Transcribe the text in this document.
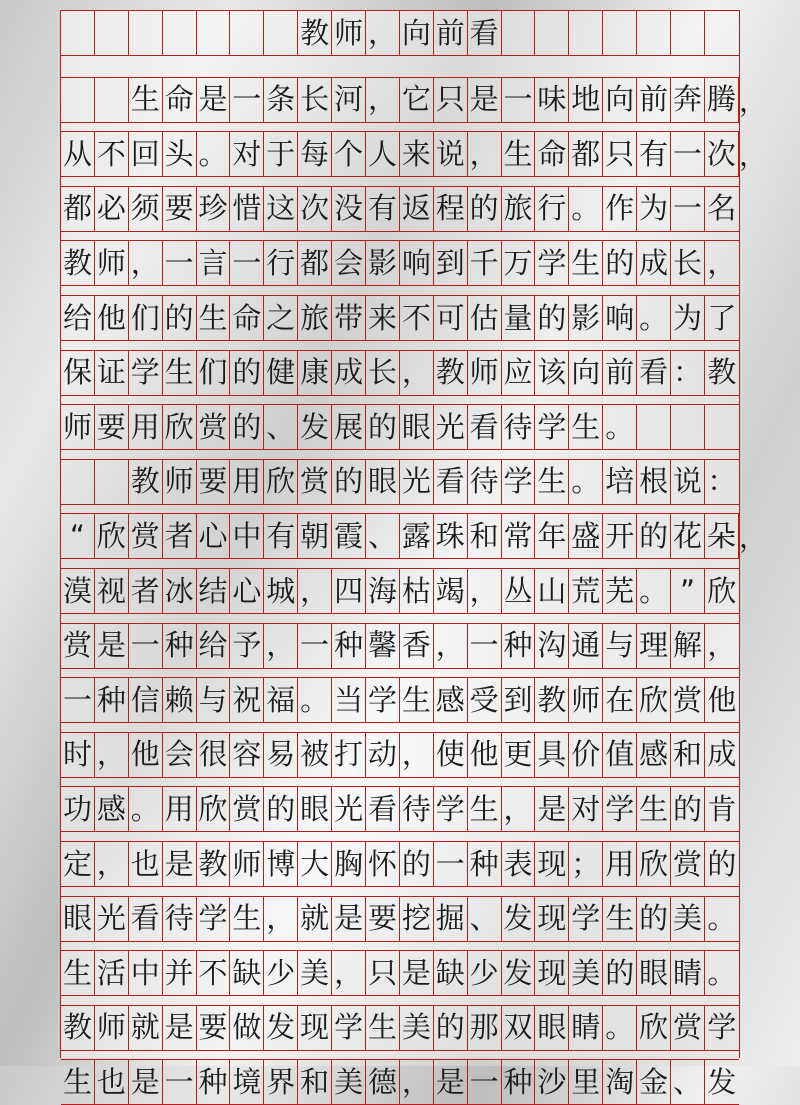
教 师 ， 向 前 看
生 命 是 一 条 长 河 ， 它 只 是 一 味 地 向 前 奔 腾 ，
从 不 回 头 。 对 于 每 个 人 来 说 ， 生 命 都 只 有 一 次 ，
都 必 须 要 珍 惜 这 次 没 有 返 程 的 旅 行 。 作 为 一 名
教 师 ， 一 言 一 行 都 会 影 响 到 千 万 学 生 的 成 长 ，
给 他 们 的 生 命 之 旅 带 来 不 可 估 量 的 影 响 。 为 了
保 证 学 生 们 的 健 康 成 长 ， 教 师 应 该 向 前 看 ： 教
师 要 用 欣 赏 的 、 发 展 的 眼 光 看 待 学 生 。
教 师 要 用 欣 赏 的 眼 光 看 待 学 生 。 培 根 说 ：
“ 欣 赏 者 心 中 有 朝 霞 、 露 珠 和 常 年 盛 开 的 花 朵 ，
漠 视 者 冰 结 心 城 ， 四 海 枯 竭 ， 丛 山 荒 芜 。 ” 欣
赏 是 一 种 给 予 ， 一 种 馨 香 ， 一 种 沟 通 与 理 解 ，
一 种 信 赖 与 祝 福 。 当 学 生 感 受 到 教 师 在 欣 赏 他
时 ， 他 会 很 容 易 被 打 动 ， 使 他 更 具 价 值 感 和 成
功 感 。 用 欣 赏 的 眼 光 看 待 学 生 ， 是 对 学 生 的 肯
定 ， 也 是 教 师 博 大 胸 怀 的 一 种 表 现 ； 用 欣 赏 的
眼 光 看 待 学 生 ， 就 是 要 挖 掘 、 发 现 学 生 的 美 。
生 活 中 并 不 缺 少 美 ， 只 是 缺 少 发 现 美 的 眼 睛 。
教 师 就 是 要 做 发 现 学 生 美 的 那 双 眼 睛 。 欣 赏 学
生 也 是 一 种 境 界 和 美 德 ， 是 一 种 沙 里 淘 金 、 发
